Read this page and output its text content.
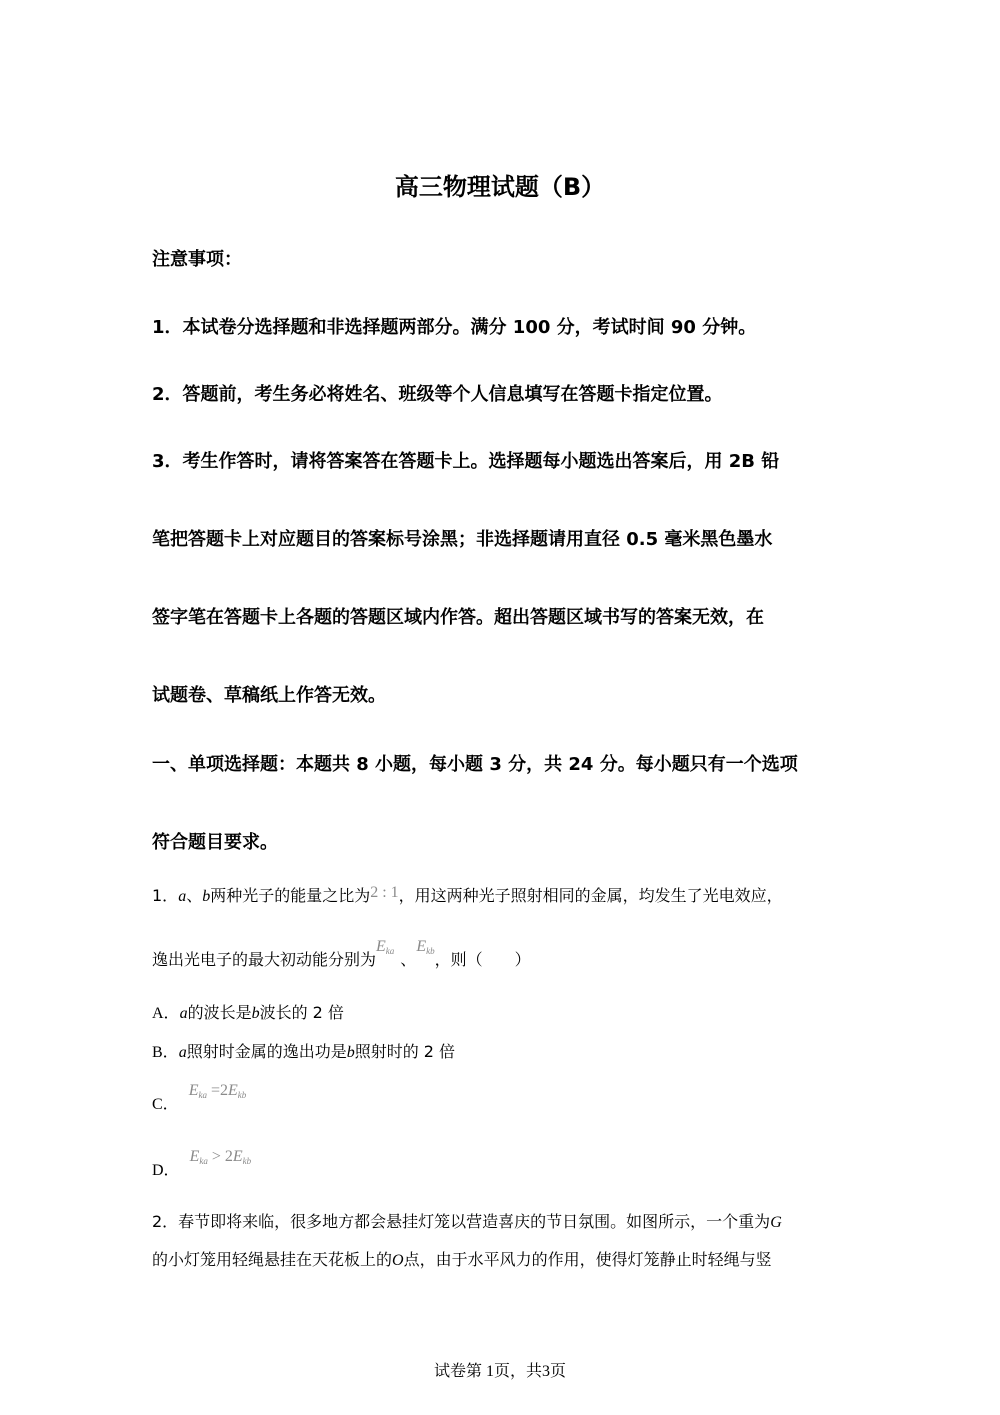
高三物理试题（B）
注意事项：
1．本试卷分选择题和非选择题两部分。满分 100 分，考试时间 90 分钟。
2．答题前，考生务必将姓名、班级等个人信息填写在答题卡指定位置。
3．考生作答时，请将答案答在答题卡上。选择题每小题选出答案后，用 2B 铅
笔把答题卡上对应题目的答案标号涂黑；非选择题请用直径 0.5 毫米黑色墨水
签字笔在答题卡上各题的答题区域内作答。超出答题区域书写的答案无效，在
试题卷、草稿纸上作答无效。
一、单项选择题：本题共 8 小题，每小题 3 分，共 24 分。每小题只有一个选项
符合题目要求。
1．a、b两种光子的能量之比为2 : 1，用这两种光子照射相同的金属，均发生了光电效应，
逸出光电子的最大初动能分别为$E_{ka}$ 、$E_{kb}$，则（　　）
A．a的波长是b波长的 2 倍
B．a照射时金属的逸出功是b照射时的 2 倍
C．$E_{ka} =2E_{kb}$
D．$E_{ka} > 2E_{kb}$
2．春节即将来临，很多地方都会悬挂灯笼以营造喜庆的节日氛围。如图所示，一个重为G
的小灯笼用轻绳悬挂在天花板上的O点，由于水平风力的作用，使得灯笼静止时轻绳与竖
试卷第 1页，共3页
